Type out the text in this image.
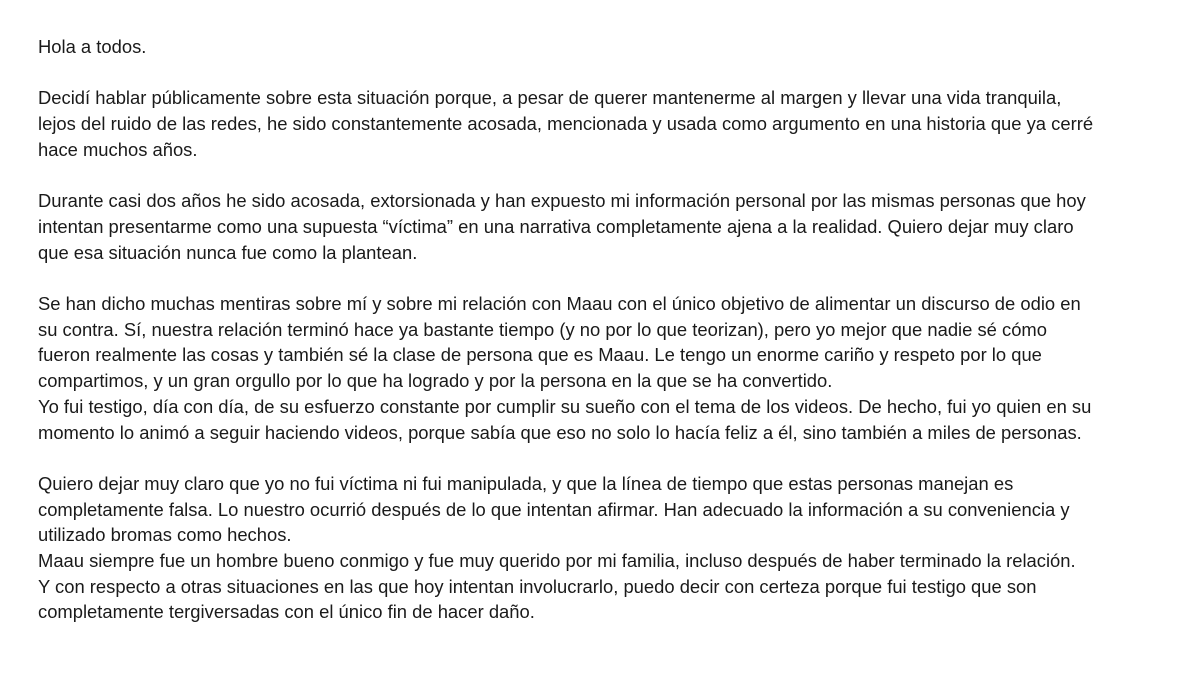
Hola a todos.
Decidí hablar públicamente sobre esta situación porque, a pesar de querer mantenerme al margen y llevar una vida tranquila,
lejos del ruido de las redes, he sido constantemente acosada, mencionada y usada como argumento en una historia que ya cerré
hace muchos años.
Durante casi dos años he sido acosada, extorsionada y han expuesto mi información personal por las mismas personas que hoy
intentan presentarme como una supuesta “víctima” en una narrativa completamente ajena a la realidad. Quiero dejar muy claro
que esa situación nunca fue como la plantean.
Se han dicho muchas mentiras sobre mí y sobre mi relación con Maau con el único objetivo de alimentar un discurso de odio en
su contra. Sí, nuestra relación terminó hace ya bastante tiempo (y no por lo que teorizan), pero yo mejor que nadie sé cómo
fueron realmente las cosas y también sé la clase de persona que es Maau. Le tengo un enorme cariño y respeto por lo que
compartimos, y un gran orgullo por lo que ha logrado y por la persona en la que se ha convertido.
Yo fui testigo, día con día, de su esfuerzo constante por cumplir su sueño con el tema de los videos. De hecho, fui yo quien en su
momento lo animó a seguir haciendo videos, porque sabía que eso no solo lo hacía feliz a él, sino también a miles de personas.
Quiero dejar muy claro que yo no fui víctima ni fui manipulada, y que la línea de tiempo que estas personas manejan es
completamente falsa. Lo nuestro ocurrió después de lo que intentan afirmar. Han adecuado la información a su conveniencia y
utilizado bromas como hechos.
Maau siempre fue un hombre bueno conmigo y fue muy querido por mi familia, incluso después de haber terminado la relación.
Y con respecto a otras situaciones en las que hoy intentan involucrarlo, puedo decir con certeza porque fui testigo que son
completamente tergiversadas con el único fin de hacer daño.
